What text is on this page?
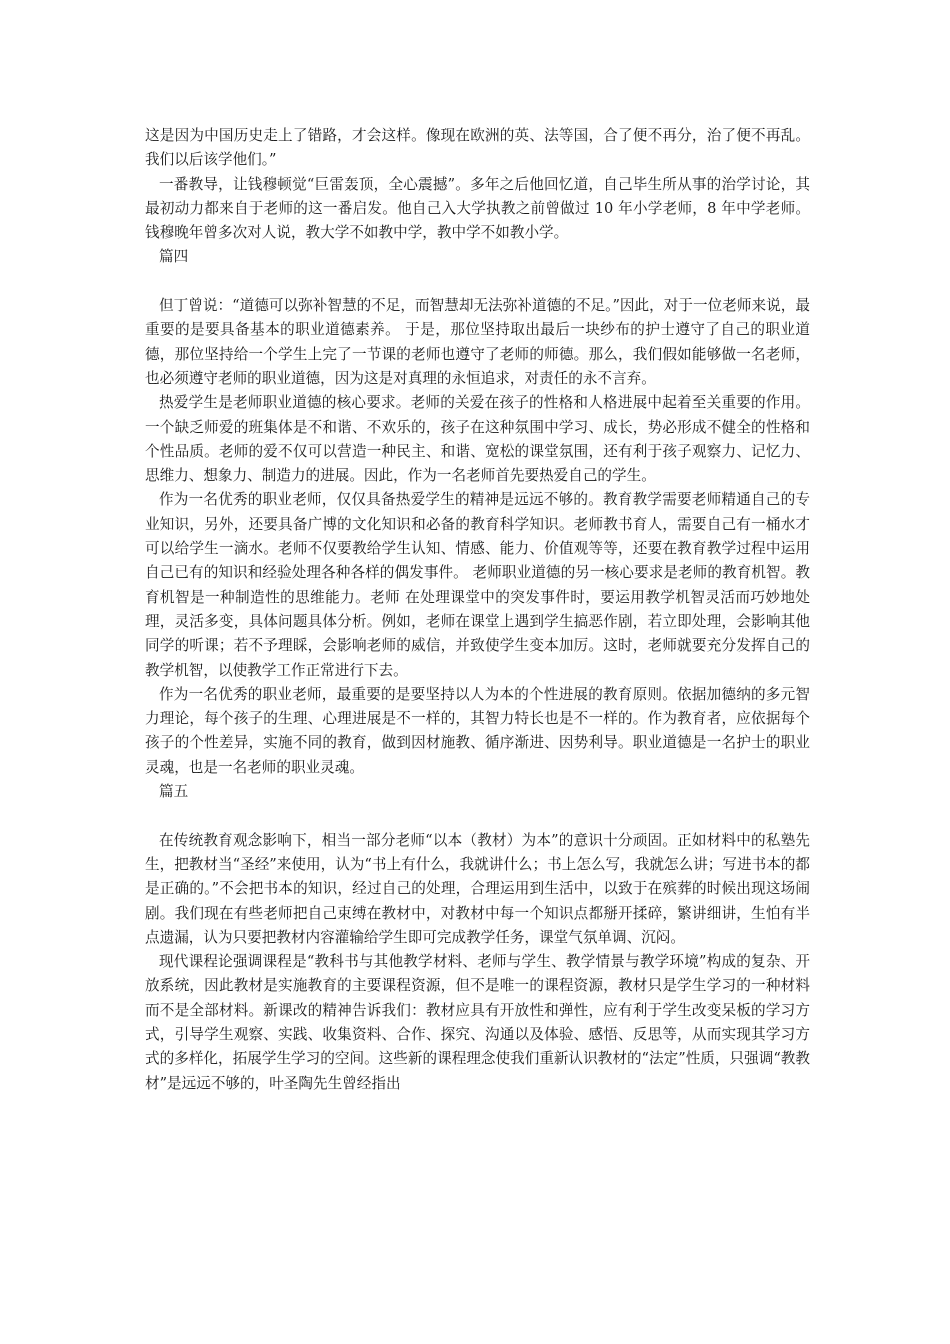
这是因为中国历史走上了错路，才会这样。像现在欧洲的英、法等国，合了便不再分，治了便不再乱。我们以后该学他们。”

一番教导，让钱穆顿觉“巨雷轰顶，全心震撼”。多年之后他回忆道，自己毕生所从事的治学讨论，其最初动力都来自于老师的这一番启发。他自己入大学执教之前曾做过 10 年小学老师，8 年中学老师。钱穆晚年曾多次对人说，教大学不如教中学，教中学不如教小学。

篇四

但丁曾说：“道德可以弥补智慧的不足，而智慧却无法弥补道德的不足。”因此，对于一位老师来说，最重要的是要具备基本的职业道德素养。 于是，那位坚持取出最后一块纱布的护士遵守了自己的职业道德，那位坚持给一个学生上完了一节课的老师也遵守了老师的师德。那么，我们假如能够做一名老师，也必须遵守老师的职业道德，因为这是对真理的永恒追求，对责任的永不言弃。

热爱学生是老师职业道德的核心要求。老师的关爱在孩子的性格和人格进展中起着至关重要的作用。一个缺乏师爱的班集体是不和谐、不欢乐的，孩子在这种氛围中学习、成长，势必形成不健全的性格和个性品质。老师的爱不仅可以营造一种民主、和谐、宽松的课堂氛围，还有利于孩子观察力、记忆力、思维力、想象力、制造力的进展。因此，作为一名老师首先要热爱自己的学生。

作为一名优秀的职业老师，仅仅具备热爱学生的精神是远远不够的。教育教学需要老师精通自己的专业知识，另外，还要具备广博的文化知识和必备的教育科学知识。老师教书育人，需要自己有一桶水才可以给学生一滴水。老师不仅要教给学生认知、情感、能力、价值观等等，还要在教育教学过程中运用自己已有的知识和经验处理各种各样的偶发事件。 老师职业道德的另一核心要求是老师的教育机智。教育机智是一种制造性的思维能力。老师 在处理课堂中的突发事件时，要运用教学机智灵活而巧妙地处理，灵活多变，具体问题具体分析。例如，老师在课堂上遇到学生搞恶作剧，若立即处理，会影响其他同学的听课；若不予理睬，会影响老师的威信，并致使学生变本加厉。这时，老师就要充分发挥自己的教学机智，以使教学工作正常进行下去。

作为一名优秀的职业老师，最重要的是要坚持以人为本的个性进展的教育原则。依据加德纳的多元智力理论，每个孩子的生理、心理进展是不一样的，其智力特长也是不一样的。作为教育者，应依据每个孩子的个性差异，实施不同的教育，做到因材施教、循序渐进、因势利导。职业道德是一名护士的职业灵魂，也是一名老师的职业灵魂。

篇五

在传统教育观念影响下，相当一部分老师“以本（教材）为本”的意识十分顽固。正如材料中的私塾先生，把教材当“圣经”来使用，认为“书上有什么，我就讲什么；书上怎么写，我就怎么讲；写进书本的都是正确的。”不会把书本的知识，经过自己的处理，合理运用到生活中，以致于在殡葬的时候出现这场闹剧。我们现在有些老师把自己束缚在教材中，对教材中每一个知识点都掰开揉碎，繁讲细讲，生怕有半点遗漏，认为只要把教材内容灌输给学生即可完成教学任务，课堂气氛单调、沉闷。

现代课程论强调课程是“教科书与其他教学材料、老师与学生、教学情景与教学环境”构成的复杂、开放系统，因此教材是实施教育的主要课程资源，但不是唯一的课程资源，教材只是学生学习的一种材料而不是全部材料。新课改的精神告诉我们：教材应具有开放性和弹性，应有利于学生改变呆板的学习方式，引导学生观察、实践、收集资料、合作、探究、沟通以及体验、感悟、反思等，从而实现其学习方式的多样化，拓展学生学习的空间。这些新的课程理念使我们重新认识教材的“法定”性质，只强调“教教材”是远远不够的，叶圣陶先生曾经指出
